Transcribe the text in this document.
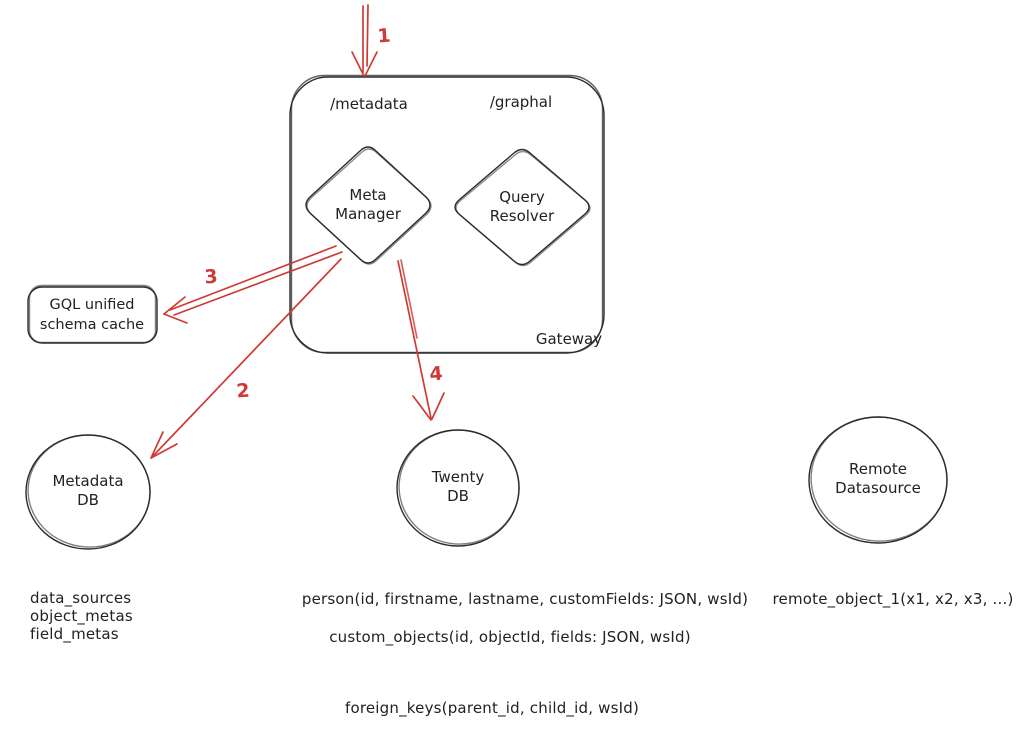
1
2
3
4
/metadata	/graphal
Meta
Manager
Query
Resolver
Gateway
GQL unified
schema cache
Metadata
DB
Twenty
DB
Remote
Datasource
data_sources
object_metas
field_metas
person(id, firstname, lastname, customFields: JSON, wsId)
custom_objects(id, objectId, fields: JSON, wsId)
foreign_keys(parent_id, child_id, wsId)
remote_object_1(x1, x2, x3, ...)
